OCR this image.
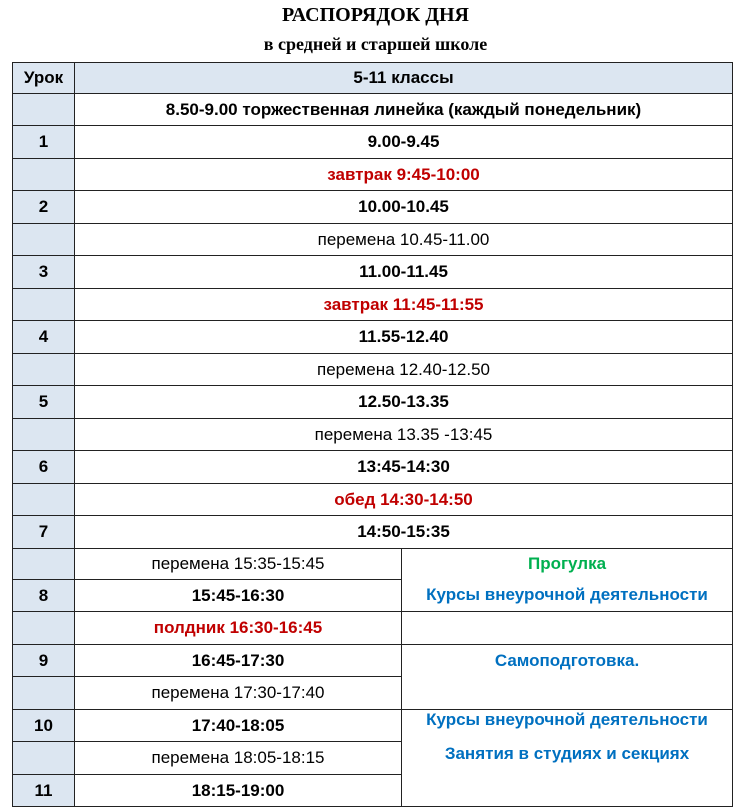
РАСПОРЯДОК ДНЯ
в средней и старшей школе
Урок	5-11 классы	
	8.50-9.00 торжественная линейка (каждый понедельник)	
1	9.00-9.45	
	завтрак 9:45-10:00	
2	10.00-10.45	
	перемена 10.45-11.00	
3	11.00-11.45	
	завтрак 11:45-11:55	
4	11.55-12.40	
	перемена 12.40-12.50	
5	12.50-13.35	
	перемена 13.35 -13:45	
6	13:45-14:30	
	обед 14:30-14:50	
7	14:50-15:35	
	перемена 15:35-15:45	Прогулка
8	15:45-16:30	Курсы внеурочной деятельности
	полдник 16:30-16:45	
9	16:45-17:30	Самоподготовка.
	перемена 17:30-17:40	
10	17:40-18:05	Курсы внеурочной деятельности
	перемена 18:05-18:15	Занятия в студиях и секциях
11	18:15-19:00	
